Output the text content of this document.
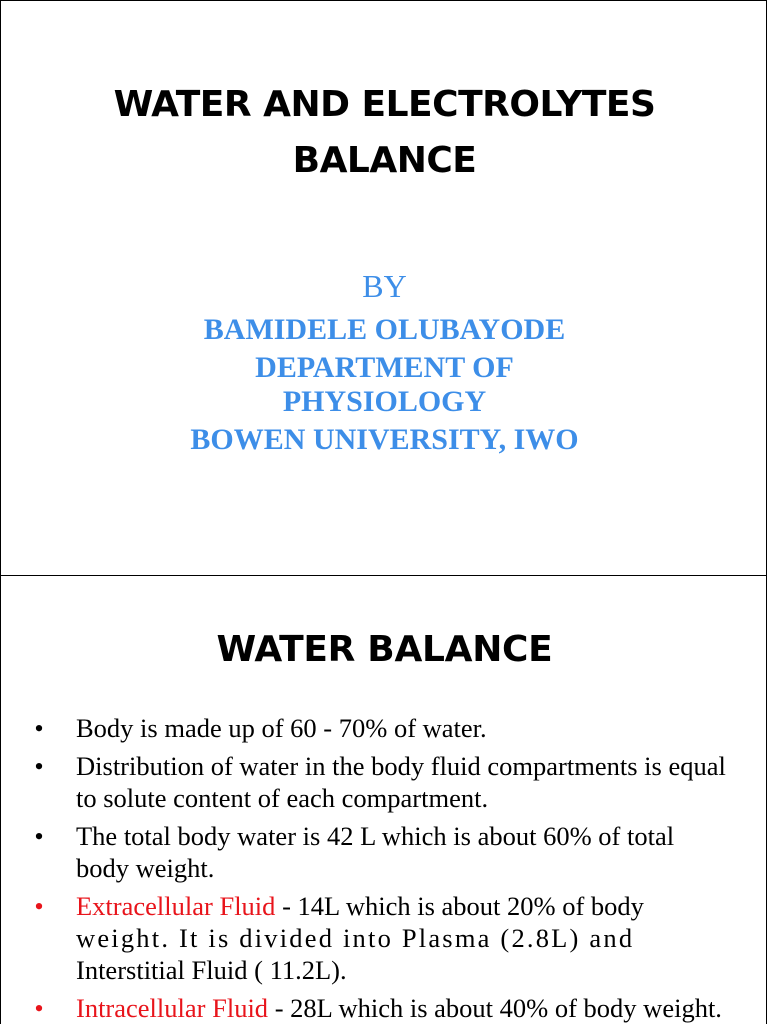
WATER AND ELECTROLYTES
BALANCE
BY
BAMIDELE OLUBAYODE
DEPARTMENT OF
PHYSIOLOGY
BOWEN UNIVERSITY, IWO
WATER BALANCE
• Body is made up of 60 - 70% of water.
• Distribution of water in the body fluid compartments is equal to solute content of each compartment.
• The total body water is 42 L which is about 60% of total body weight.
• Extracellular Fluid - 14L which is about 20% of body
weight. It is divided into Plasma (2.8L) and
Interstitial Fluid ( 11.2L).
• Intracellular Fluid - 28L which is about 40% of body weight.
